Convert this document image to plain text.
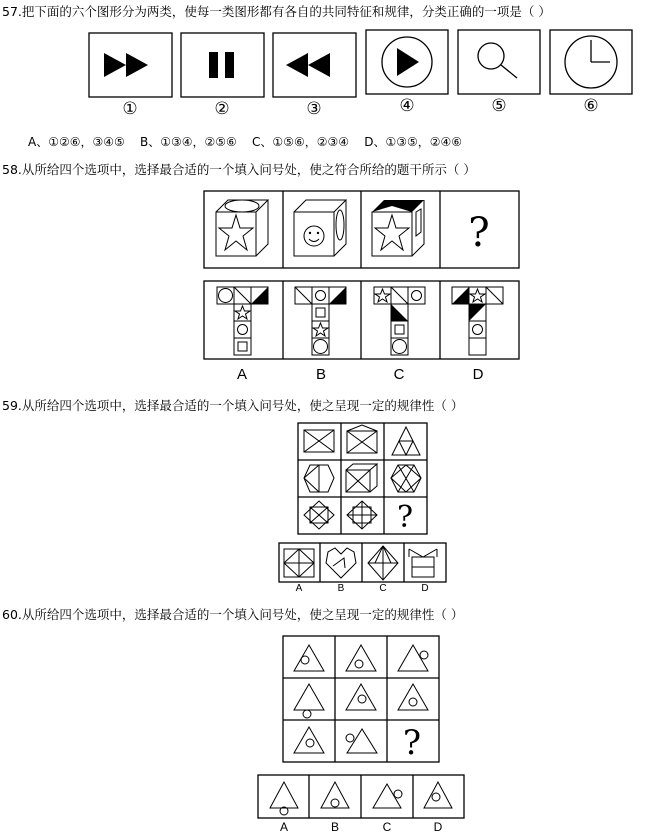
57.把下面的六个图形分为两类，使每一类图形都有各自的共同特征和规律，分类正确的一项是（ ）
①	②	③	④	⑤	⑥
A、①②⑥，③④⑤    B、①③④，②⑤⑥    C、①⑤⑥，②③④    D、①③⑤，②④⑥
58.从所给四个选项中，选择最合适的一个填入问号处，使之符合所给的题干所示（ ）
?
A	B	C	D
59.从所给四个选项中，选择最合适的一个填入问号处，使之呈现一定的规律性（ ）
?
A	B	C	D
60.从所给四个选项中，选择最合适的一个填入问号处，使之呈现一定的规律性（ ）
?
A	B	C	D
